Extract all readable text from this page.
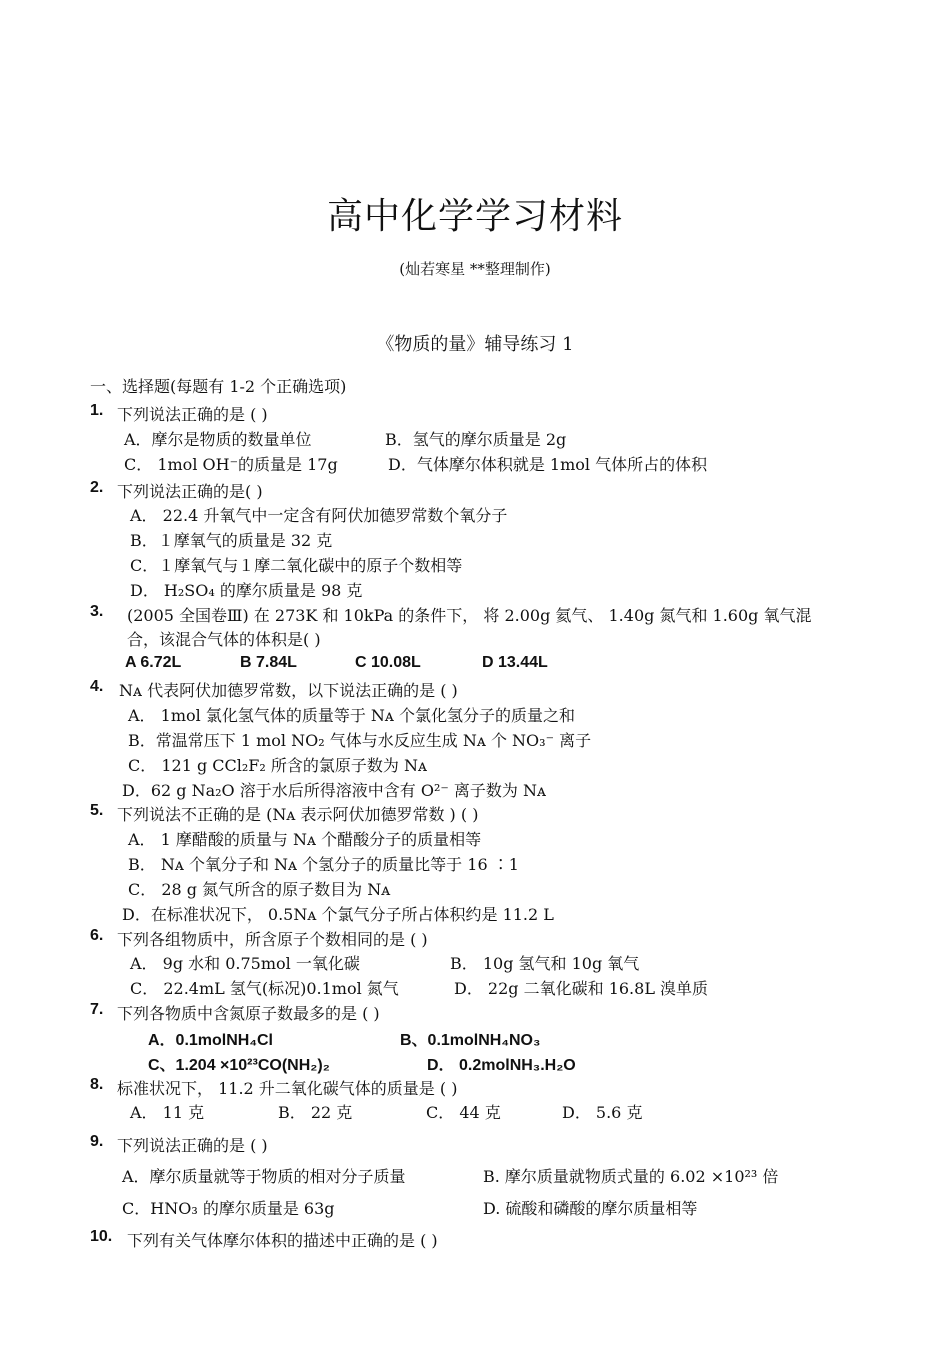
高中化学学习材料
(灿若寒星 **整理制作)
《物质的量》辅导练习 1
一、选择题(每题有 1-2 个正确选项)
1. 下列说法正确的是 ( )
A．摩尔是物质的数量单位	B．氢气的摩尔质量是 2g
C． 1mol OH⁻的质量是 17g	D．气体摩尔体积就是 1mol 气体所占的体积
2. 下列说法正确的是( )
A． 22.4 升氧气中一定含有阿伏加德罗常数个氧分子
B．１摩氧气的质量是 32 克
C．１摩氧气与１摩二氧化碳中的原子个数相等
D． H₂SO₄ 的摩尔质量是 98 克
3. (2005 全国卷Ⅲ) 在 273K 和 10kPa 的条件下， 将 2.00g 氦气、 1.40g 氮气和 1.60g 氧气混
合，该混合气体的体积是( )
A 6.72L	B 7.84L	C 10.08L	D 13.44L
4. Nᴀ 代表阿伏加德罗常数，以下说法正确的是 ( )
A． 1mol 氯化氢气体的质量等于 Nᴀ 个氯化氢分子的质量之和
B．常温常压下 1 mol NO₂ 气体与水反应生成 Nᴀ 个 NO₃⁻ 离子
C． 121 g CCl₂F₂ 所含的氯原子数为 Nᴀ
D．62 g Na₂O 溶于水后所得溶液中含有 O²⁻ 离子数为 Nᴀ
5. 下列说法不正确的是 (Nᴀ 表示阿伏加德罗常数 ) ( )
A． 1 摩醋酸的质量与 Nᴀ 个醋酸分子的质量相等
B． Nᴀ 个氧分子和 Nᴀ 个氢分子的质量比等于 16 ∶1
C． 28 g 氮气所含的原子数目为 Nᴀ
D．在标准状况下， 0.5Nᴀ 个氯气分子所占体积约是 11.2 L
6. 下列各组物质中，所含原子个数相同的是 ( )
A． 9g 水和 0.75mol 一氧化碳	B． 10g 氢气和 10g 氧气
C． 22.4mL 氢气(标况)0.1mol 氮气	D． 22g 二氧化碳和 16.8L 溴单质
7. 下列各物质中含氮原子数最多的是 ( )
A．0.1molNH₄Cl	B、0.1molNH₄NO₃
C、1.204 ×10²³CO(NH₂)₂	D． 0.2molNH₃.H₂O
8. 标准状况下， 11.2 升二氧化碳气体的质量是 ( )
A． 11 克	B． 22 克	C． 44 克	D． 5.6 克
9. 下列说法正确的是 ( )
A．摩尔质量就等于物质的相对分子质量	B. 摩尔质量就物质式量的 6.02 ×10²³ 倍
C．HNO₃ 的摩尔质量是 63g	D. 硫酸和磷酸的摩尔质量相等
10. 下列有关气体摩尔体积的描述中正确的是 ( )
